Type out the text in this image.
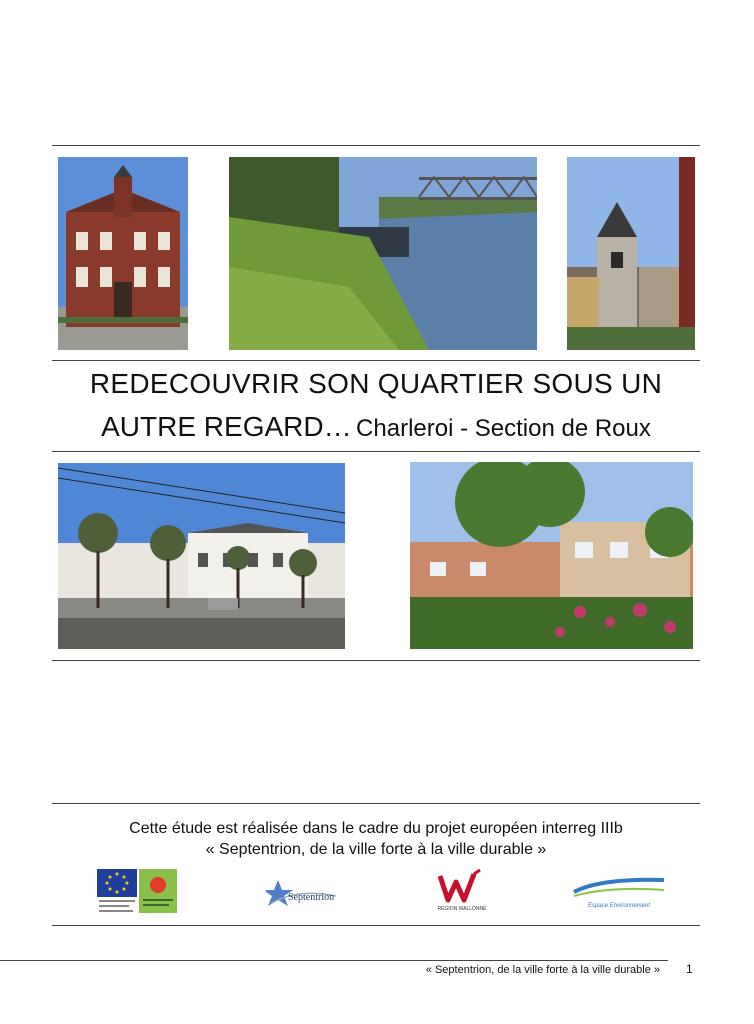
REDECOUVRIR SON QUARTIER SOUS UN
AUTRE REGARD… Charleroi - Section de Roux
Cette étude est réalisée dans le cadre du projet européen interreg IIIb
« Septentrion, de la ville forte à la ville durable »
Septentrion
RÉGION WALLONNE	Espace Environnement
« Septentrion, de la ville forte à la ville durable » 1
